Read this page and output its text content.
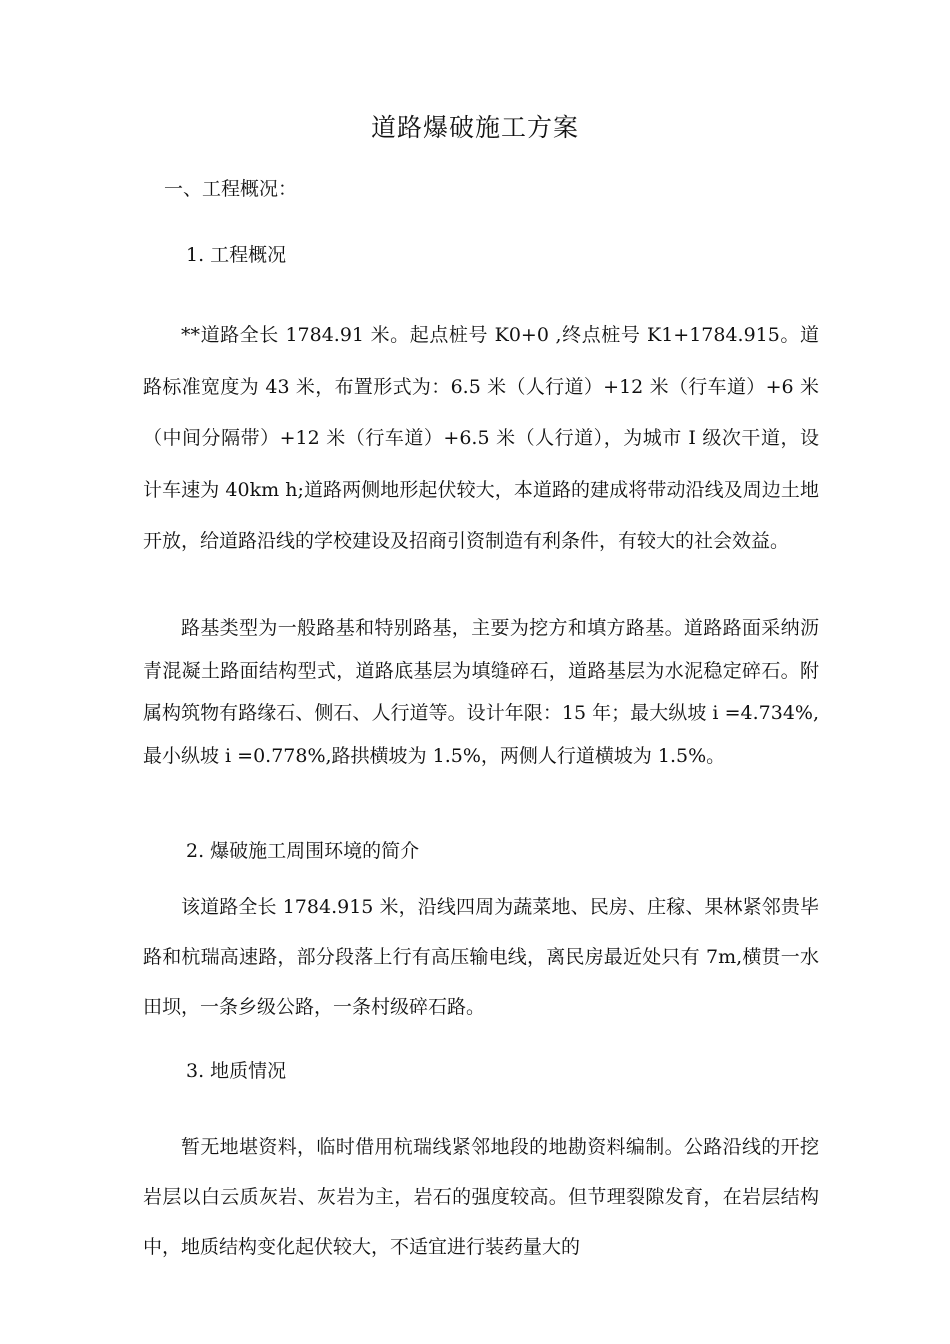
道路爆破施工方案
一、工程概况：
1. 工程概况

**道路全长 1784.91 米。起点桩号 K0+0 ,终点桩号 K1+1784.915。道路标准宽度为 43 米，布置形式为：6.5 米（人行道）+12 米（行车道）+6 米（中间分隔带）+12 米（行车道）+6.5 米（人行道），为城市 I 级次干道，设计车速为 40km h;道路两侧地形起伏较大，本道路的建成将带动沿线及周边土地开放，给道路沿线的学校建设及招商引资制造有利条件，有较大的社会效益。

路基类型为一般路基和特别路基，主要为挖方和填方路基。道路路面采纳沥青混凝土路面结构型式，道路底基层为填缝碎石，道路基层为水泥稳定碎石。附属构筑物有路缘石、侧石、人行道等。设计年限：15 年；最大纵坡 i =4.734%,最小纵坡 i =0.778%,路拱横坡为 1.5%，两侧人行道横坡为 1.5%。

2. 爆破施工周围环境的简介

该道路全长 1784.915 米，沿线四周为蔬菜地、民房、庄稼、果林紧邻贵毕路和杭瑞高速路，部分段落上行有高压输电线，离民房最近处只有 7m,横贯一水田坝，一条乡级公路，一条村级碎石路。

3. 地质情况

暂无地堪资料，临时借用杭瑞线紧邻地段的地勘资料编制。公路沿线的开挖岩层以白云质灰岩、灰岩为主，岩石的强度较高。但节理裂隙发育，在岩层结构中，地质结构变化起伏较大，不适宜进行装药量大的
